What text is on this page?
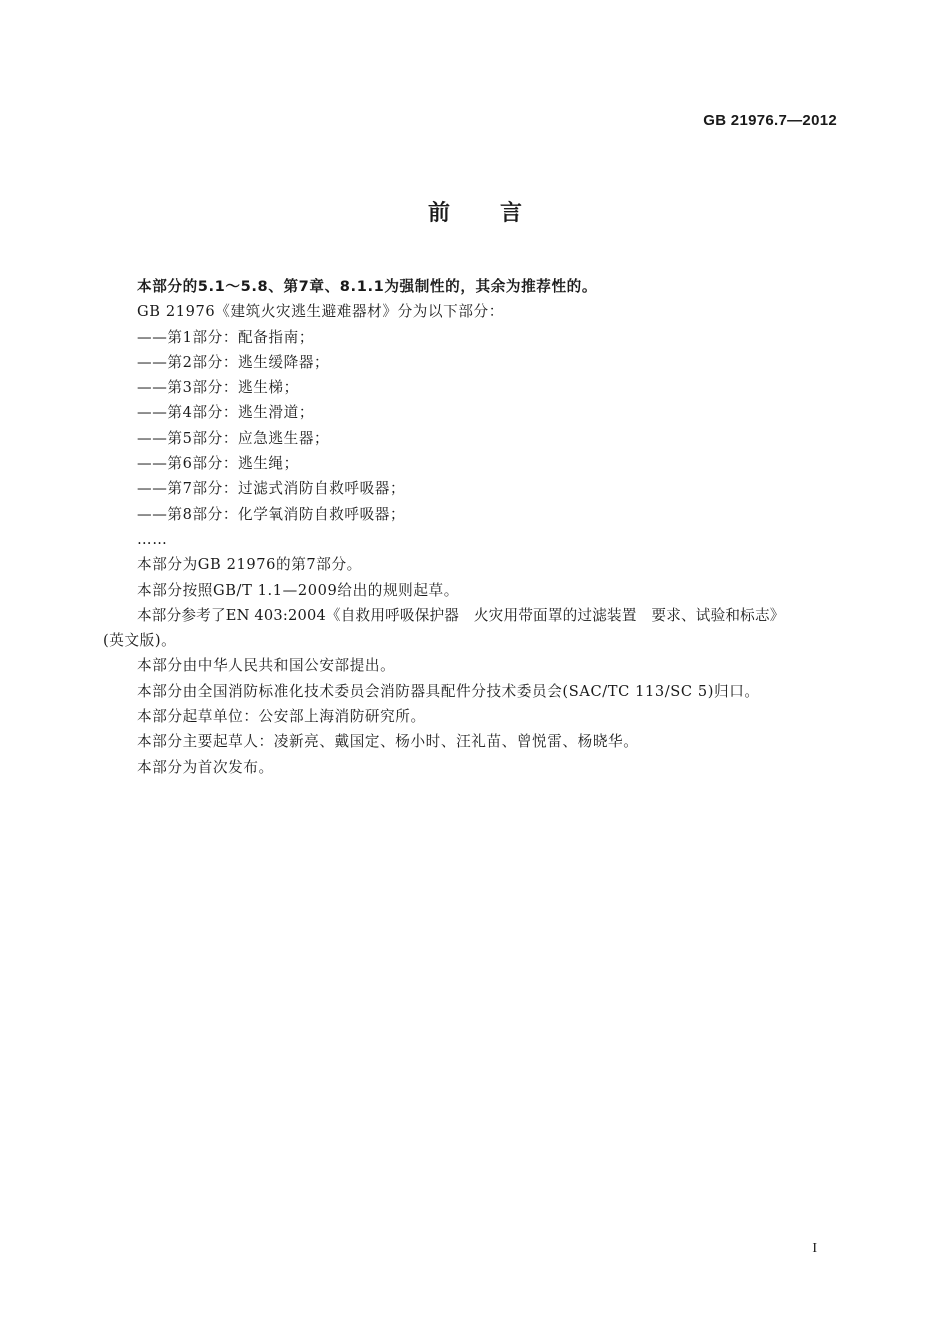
GB 21976.7—2012
前言
本部分的5.1～5.8、第7章、8.1.1为强制性的，其余为推荐性的。
GB 21976《建筑火灾逃生避难器材》分为以下部分：
——第1部分：配备指南；
——第2部分：逃生缓降器；
——第3部分：逃生梯；
——第4部分：逃生滑道；
——第5部分：应急逃生器；
——第6部分：逃生绳；
——第7部分：过滤式消防自救呼吸器；
——第8部分：化学氧消防自救呼吸器；
……
本部分为GB 21976的第7部分。
本部分按照GB/T 1.1—2009给出的规则起草。
本部分参考了EN 403:2004《自救用呼吸保护器　火灾用带面罩的过滤装置　要求、试验和标志》
(英文版)。
本部分由中华人民共和国公安部提出。
本部分由全国消防标准化技术委员会消防器具配件分技术委员会(SAC/TC 113/SC 5)归口。
本部分起草单位：公安部上海消防研究所。
本部分主要起草人：凌新亮、戴国定、杨小时、汪礼苗、曾悦雷、杨晓华。
本部分为首次发布。
I
